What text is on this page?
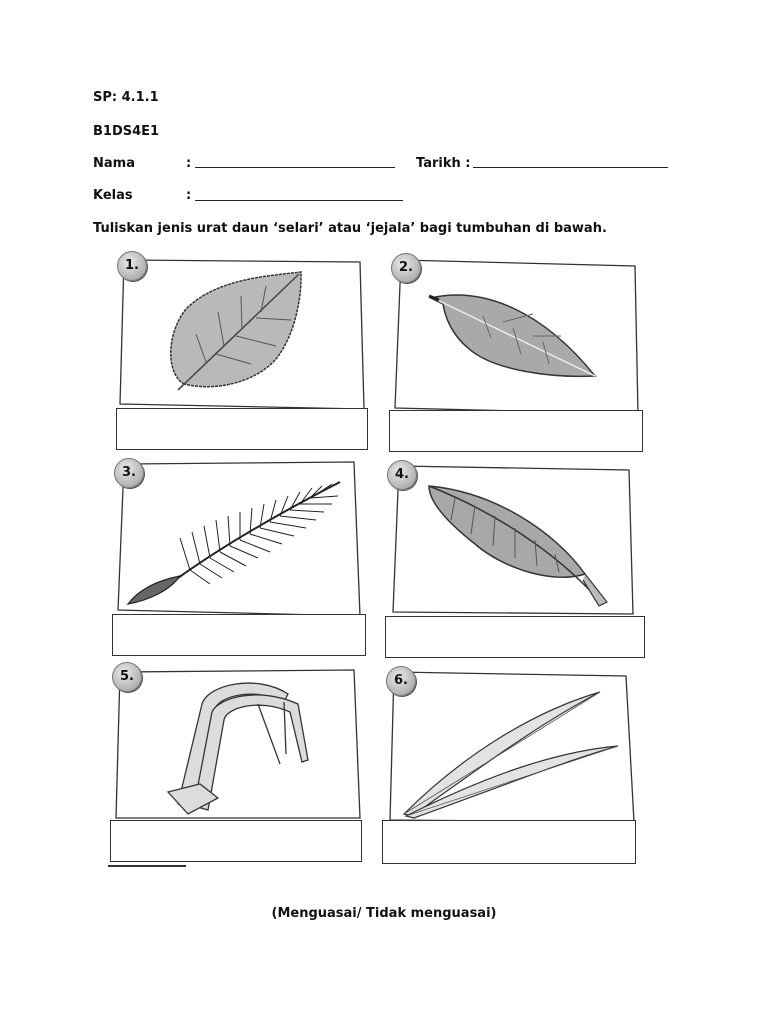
SP: 4.1.1
B1DS4E1
Nama	:	Tarikh :
Kelas	:
Tuliskan jenis urat daun ‘selari’ atau ‘jejala’ bagi tumbuhan di bawah.
1.	2.
3.	4.
5.	6.
(Menguasai/ Tidak menguasai)
